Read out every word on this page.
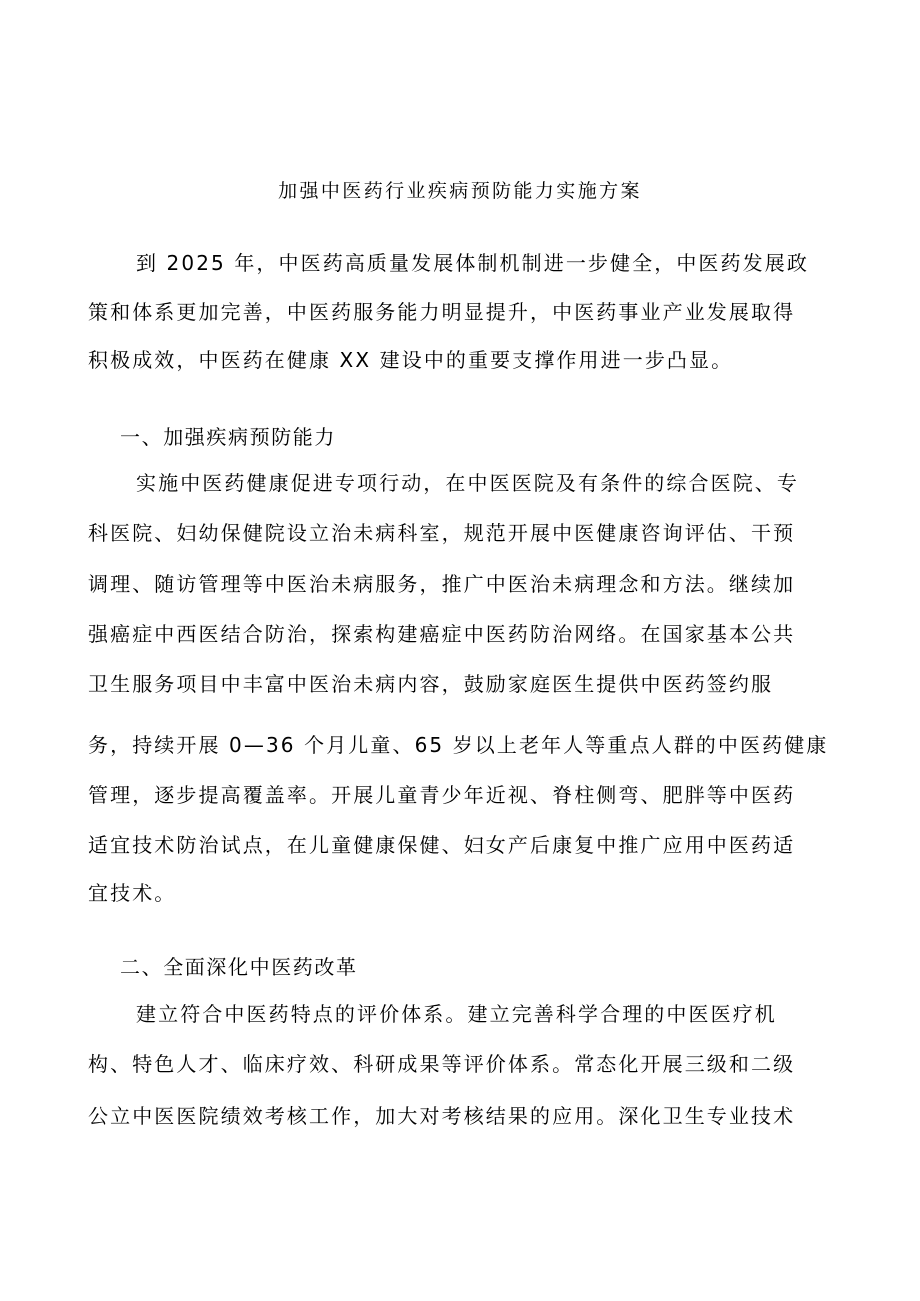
加强中医药行业疾病预防能力实施方案
到 2025 年，中医药高质量发展体制机制进一步健全，中医药发展政
策和体系更加完善，中医药服务能力明显提升，中医药事业产业发展取得
积极成效，中医药在健康 XX 建设中的重要支撑作用进一步凸显。
一、加强疾病预防能力
实施中医药健康促进专项行动，在中医医院及有条件的综合医院、专
科医院、妇幼保健院设立治未病科室，规范开展中医健康咨询评估、干预
调理、随访管理等中医治未病服务，推广中医治未病理念和方法。继续加
强癌症中西医结合防治，探索构建癌症中医药防治网络。在国家基本公共
卫生服务项目中丰富中医治未病内容，鼓励家庭医生提供中医药签约服
务，持续开展 0—36 个月儿童、65 岁以上老年人等重点人群的中医药健康
管理，逐步提高覆盖率。开展儿童青少年近视、脊柱侧弯、肥胖等中医药
适宜技术防治试点，在儿童健康保健、妇女产后康复中推广应用中医药适
宜技术。
二、全面深化中医药改革
建立符合中医药特点的评价体系。建立完善科学合理的中医医疗机
构、特色人才、临床疗效、科研成果等评价体系。常态化开展三级和二级
公立中医医院绩效考核工作，加大对考核结果的应用。深化卫生专业技术
